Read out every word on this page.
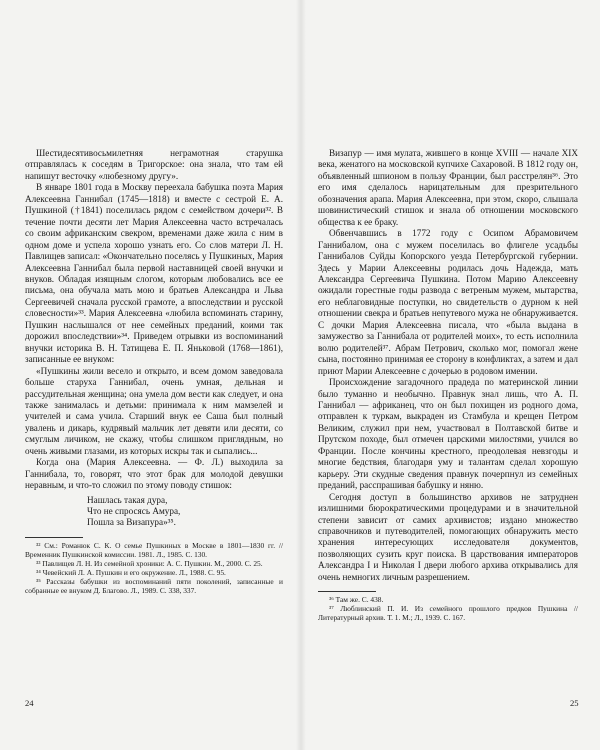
Шестидесятивосьмилетняя неграмотная старушка отправлялась к соседям в Тригорское: она знала, что там ей напишут весточку «любезному другу».

В январе 1801 года в Москву переехала бабушка поэта Мария Алексеевна Ганнибал (1745—1818) и вместе с сестрой Е. А. Пушкиной (†1841) поселилась рядом с семейством дочери³². В течение почти десяти лет Мария Алексеевна часто встречалась со своим африканским свекром, временами даже жила с ним в одном доме и успела хорошо узнать его. Со слов матери Л. Н. Павлищев записал: «Окончательно поселясь у Пушкиных, Мария Алексеевна Ганнибал была первой наставницей своей внучки и внуков. Обладая изящным слогом, которым любовались все ее письма, она обучала мать мою и братьев Александра и Льва Сергеевичей сначала русской грамоте, а впоследствии и русской словесности»³³. Мария Алексеевна «любила вспоминать старину, Пушкин наслышался от нее семейных преданий, коими так дорожил впоследствии»³⁴. Приведем отрывки из воспоминаний внучки историка В. Н. Татищева Е. П. Яньковой (1768—1861), записанные ее внуком:

«Пушкины жили весело и открыто, и всем домом заведовала больше старуха Ганнибал, очень умная, дельная и рассудительная женщина; она умела дом вести как следует, и она также занималась и детьми: принимала к ним мамзелей и учителей и сама учила. Старший внук ее Саша был полный увалень и дикарь, кудрявый мальчик лет девяти или десяти, со смуглым личиком, не скажу, чтобы слишком приглядным, но очень живыми глазами, из которых искры так и сыпались...

Когда она (Мария Алексеевна. — Ф. Л.) выходила за Ганнибала, то, говорят, что этот брак для молодой девушки неравным, и что-то сложил по этому поводу стишок:

Нашлась такая дура,
Что не спросясь Амура,
Пошла за Визапура»³⁵.

³² См.: Романюк С. К. О семье Пушкиных в Москве в 1801—1830 гг. // Временник Пушкинской комиссии. 1981. Л., 1985. С. 130.

³³ Павлищев Л. Н. Из семейной хроники: А. С. Пушкин. М., 2000. С. 25.

³⁴ Чевейский Л. А. Пушкин и его окружение. Л., 1988. С. 95.

³⁵ Рассказы бабушки из воспоминаний пяти поколений, записанные и собранные ее внуком Д. Благово. Л., 1989. С. 338, 337.

24

Визапур — имя мулата, жившего в конце XVIII — начале XIX века, женатого на московской купчихе Сахаровой. В 1812 году он, объявленный шпионом в пользу Франции, был расстрелян³⁶. Это его имя сделалось нарицательным для презрительного обозначения арапа. Мария Алексеевна, при этом, скоро, слышала шовинистический стишок и знала об отношении московского общества к ее браку.

Обвенчавшись в 1772 году с Осипом Абрамовичем Ганнибалом, она с мужем поселилась во флигеле усадьбы Ганнибалов Суйды Копорского уезда Петербургской губернии. Здесь у Марии Алексеевны родилась дочь Надежда, мать Александра Сергеевича Пушкина. Потом Марию Алексеевну ожидали горестные годы развода с ветреным мужем, мытарства, его неблаговидные поступки, но свидетельств о дурном к ней отношении свекра и братьев непутевого мужа не обнаруживается. С дочки Мария Алексеевна писала, что «была выдана в замужество за Ганнибала от родителей моих», то есть исполнила волю родителей³⁷. Абрам Петрович, сколько мог, помогал жене сына, постоянно принимая ее сторону в конфликтах, а затем и дал приют Марии Алексеевне с дочерью в родовом имении.

Происхождение загадочного прадеда по материнской линии было туманно и необычно. Правнук знал лишь, что А. П. Ганнибал — африканец, что он был похищен из родного дома, отправлен к туркам, выкраден из Стамбула и крещен Петром Великим, служил при нем, участвовал в Полтавской битве и Прутском походе, был отмечен царскими милостями, учился во Франции. После кончины крестного, преодолевая невзгоды и многие бедствия, благодаря уму и талантам сделал хорошую карьеру. Эти скудные сведения правнук почерпнул из семейных преданий, расспрашивая бабушку и няню.

Сегодня доступ в большинство архивов не затруднен излишними бюрократическими процедурами и в значительной степени зависит от самих архивистов; издано множество справочников и путеводителей, помогающих обнаружить место хранения интересующих исследователя документов, позволяющих сузить круг поиска. В царствования императоров Александра I и Николая I двери любого архива открывались для очень немногих личным разрешением.

³⁶ Там же. С. 438.

³⁷ Люблинский П. И. Из семейного прошлого предков Пушкина // Литературный архив. Т. 1. М.; Л., 1939. С. 167.

25
